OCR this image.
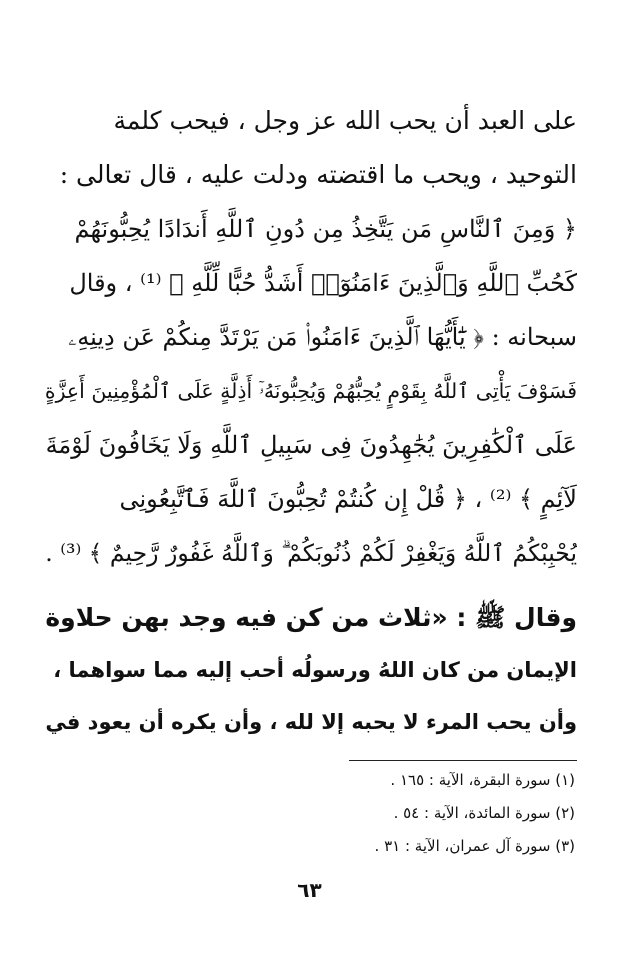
على العبد أن يحب الله عز وجل ، فيحب كلمة
التوحيد ، ويحب ما اقتضته ودلت عليه ، قال تعالى :
﴿ وَمِنَ ٱلنَّاسِ مَن يَتَّخِذُ مِن دُونِ ٱللَّهِ أَندَادًا يُحِبُّونَهُمْ
كَحُبِّ ٱللَّهِ وَٱلَّذِينَ ءَامَنُوٓا۟ أَشَدُّ حُبًّا لِّلَّهِ ﴾ ⁽¹⁾ ، وقال
سبحانه : ﴿ يَٰٓأَيُّهَا ٱلَّذِينَ ءَامَنُوا۟ مَن يَرْتَدَّ مِنكُمْ عَن دِينِهِۦ
فَسَوْفَ يَأْتِى ٱللَّهُ بِقَوْمٍ يُحِبُّهُمْ وَيُحِبُّونَهُۥٓ أَذِلَّةٍ عَلَى ٱلْمُؤْمِنِينَ أَعِزَّةٍ
عَلَى ٱلْكَٰفِرِينَ يُجَٰهِدُونَ فِى سَبِيلِ ٱللَّهِ وَلَا يَخَافُونَ لَوْمَةَ
لَآئِمٍ ﴾ ⁽²⁾ ، ﴿ قُلْ إِن كُنتُمْ تُحِبُّونَ ٱللَّهَ فَٱتَّبِعُونِى
يُحْبِبْكُمُ ٱللَّهُ وَيَغْفِرْ لَكُمْ ذُنُوبَكُمْ ۗ وَٱللَّهُ غَفُورٌ رَّحِيمٌ ﴾ ⁽³⁾ .
وقال ﷺ : «ثلاث من كن فيه وجد بهن حلاوة
الإيمان من كان اللهُ ورسولُه أحب إليه مما سواهما ،
وأن يحب المرء لا يحبه إلا لله ، وأن يكره أن يعود في
(١) سورة البقرة، الآية : ١٦٥ .
(٢) سورة المائدة، الآية : ٥٤ .
(٣) سورة آل عمران، الآية : ٣١ .
٦٣
